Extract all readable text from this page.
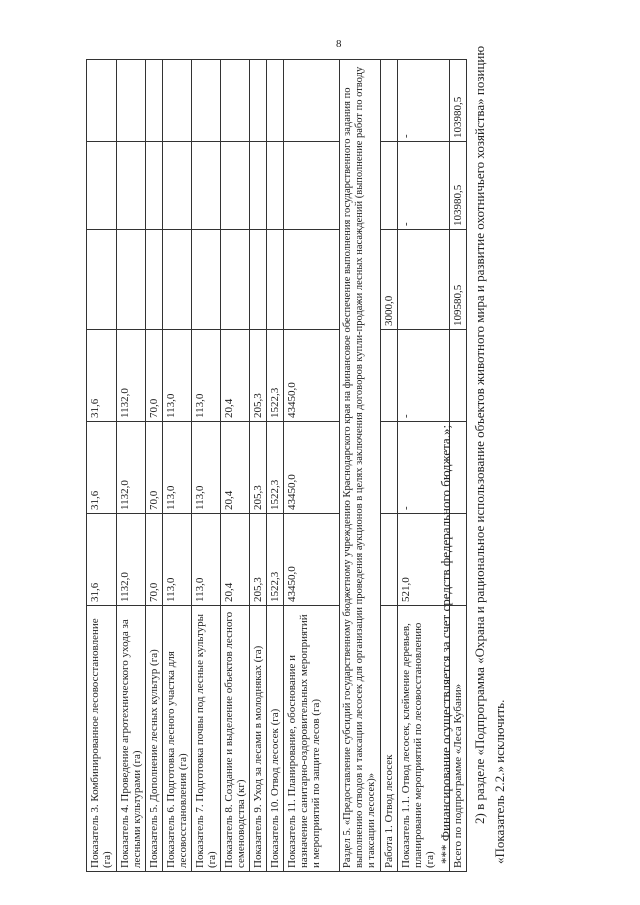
8
Показатель 3. Комбинированное лесовосстановление (га)	31,6	31,6	31,6			
Показатель 4. Проведение агротехнического ухода за лесными культурами (га)	1132,0	1132,0	1132,0			
Показатель 5. Дополнение лесных культур (га)	70,0	70,0	70,0			
Показатель 6. Подготовка лесного участка для лесовосстановления (га)	113,0	113,0	113,0			
Показатель 7. Подготовка почвы под лесные культуры (га)	113,0	113,0	113,0			
Показатель 8. Создание и выделение объектов лесного семеноводства (кг)	20,4	20,4	20,4			
Показатель 9. Уход за лесами в молодняках (га)	205,3	205,3	205,3			
Показатель 10. Отвод лесосек (га)	1522,3	1522,3	1522,3			
Показатель 11. Планирование, обоснование и назначение санитарно-оздоровительных мероприятий и мероприятий по защите лесов (га)	43450,0	43450,0	43450,0			
Раздел 5. «Предоставление субсидий государственному бюджетному учреждению Краснодарского края на финансовое обеспечение выполнения государственного задания по выполнению отводов и таксации лесосек для организации проведения аукционов в целях заключения договоров купли-продажи лесных насаждений (выполнение работ по отводу и таксации лесосек)»						
Работа 1. Отвод лесосек				3000,0		
Показатель 1.1. Отвод лесосек, клеймение деревьев, планирование мероприятий по лесовосстановлению (га)	521,0	-	-		-	-
Всего по подпрограмме «Леса Кубани»				109580,5	103980,5	103980,5

*** Финансирование осуществляется за счет средств федерального бюджета.»; 2) в разделе «Подпрограмма «Охрана и рациональное использование объектов животного мира и развитие охотничьего хозяйства» позицию «Показатель 2.2.» исключить.
